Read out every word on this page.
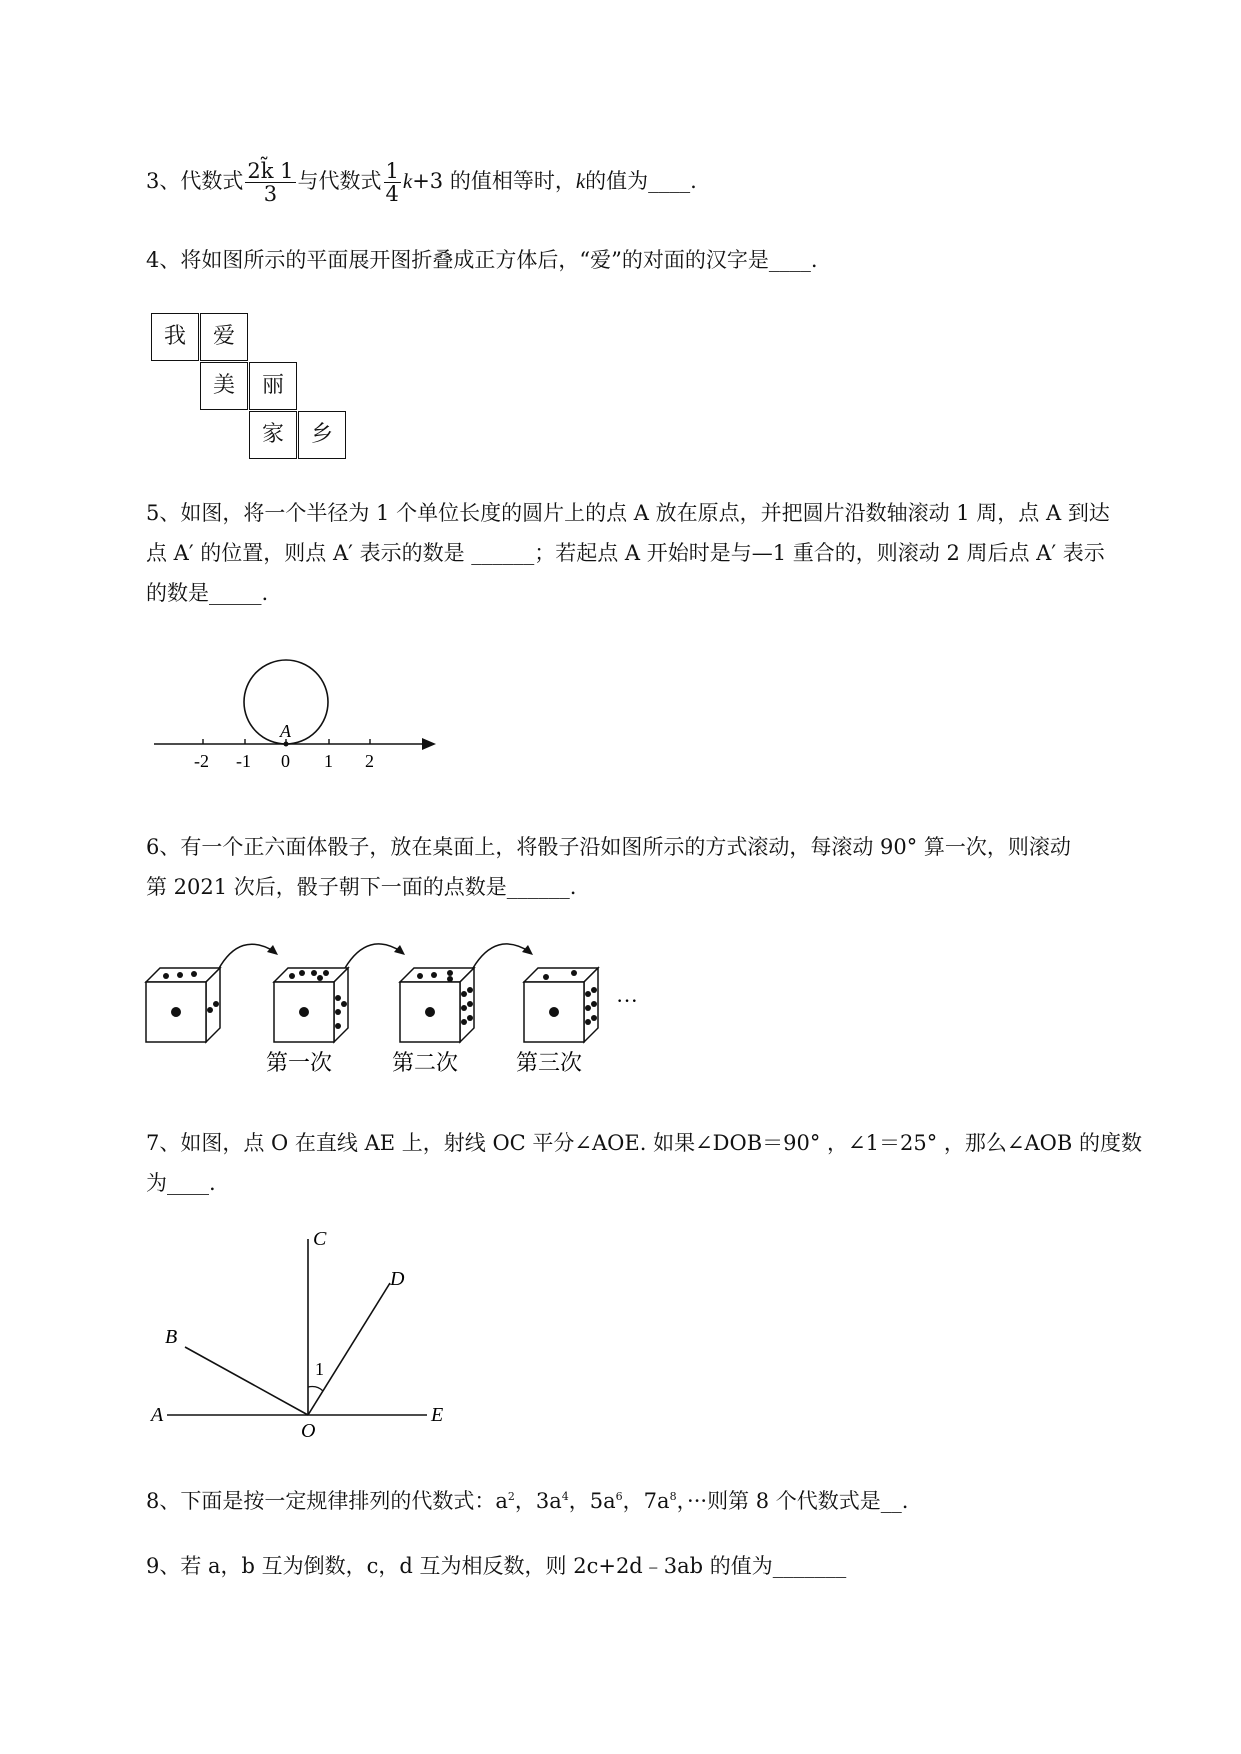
3、代数式 $\frac{2k̃ 1}{3}$ 与代数式 $\frac{1}{4} k+3$ 的值相等时，k的值为____.
4、将如图所示的平面展开图折叠成正方体后，“爱”的对面的汉字是____.
我	爱
美	丽
家	乡
5、如图，将一个半径为 1 个单位长度的圆片上的点 A 放在原点，并把圆片沿数轴滚动 1 周，点 A 到达
点 A′ 的位置，则点 A′ 表示的数是 ______；若起点 A 开始时是与—1 重合的，则滚动 2 周后点 A′ 表示
的数是_____.
A
-2 -1 0 1 2
6、有一个正六面体骰子，放在桌面上，将骰子沿如图所示的方式滚动，每滚动 90° 算一次，则滚动
第 2021 次后，骰子朝下一面的点数是______.
···
第一次	第二次	第三次
7、如图，点 O 在直线 AE 上，射线 OC 平分∠AOE. 如果∠DOB＝90° ，∠1＝25° ，那么∠AOB 的度数
为____.
A
B
C
D
E
O
1
8、下面是按一定规律排列的代数式：$a^2$，$3a^4$，$5a^6$，$7a^8$，···则第 8 个代数式是__.
9、若 a，b 互为倒数，c，d 互为相反数，则 2c+2d﹣3ab 的值为_______
